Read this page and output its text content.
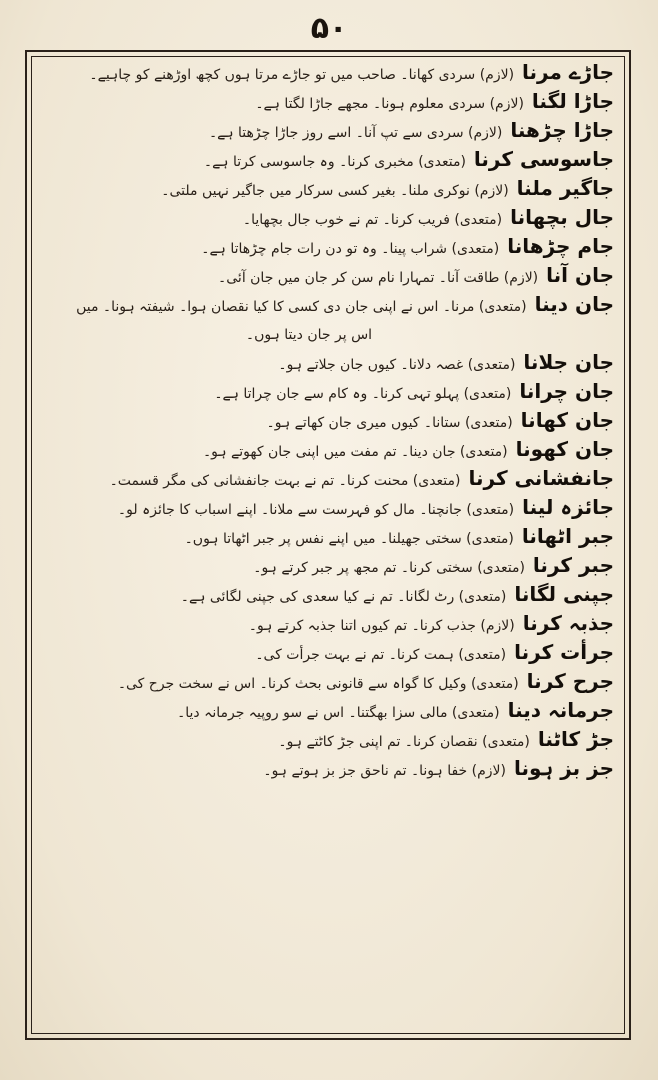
۵۰
جاڑے مرنا(لازم) سردی کھانا۔ صاحب میں تو جاڑے مرتا ہوں کچھ اوڑھنے کو چاہیے۔
جاڑا لگنا(لازم) سردی معلوم ہونا۔ مجھے جاڑا لگتا ہے۔
جاڑا چڑھنا(لازم) سردی سے تپ آنا۔ اسے روز جاڑا چڑھتا ہے۔
جاسوسی کرنا(متعدی) مخبری کرنا۔ وہ جاسوسی کرتا ہے۔
جاگیر ملنا(لازم) نوکری ملنا۔ بغیر کسی سرکار میں جاگیر نہیں ملتی۔
جال بچھانا(متعدی) فریب کرنا۔ تم نے خوب جال بچھایا۔
جام چڑھانا(متعدی) شراب پینا۔ وہ تو دن رات جام چڑھاتا ہے۔
جان آنا(لازم) طاقت آنا۔ تمہارا نام سن کر جان میں جان آئی۔
جان دینا(متعدی) مرنا۔ اس نے اپنی جان دی کسی کا کیا نقصان ہوا۔ شیفتہ ہونا۔ میں
اس پر جان دیتا ہوں۔
جان جلانا(متعدی) غصہ دلانا۔ کیوں جان جلاتے ہو۔
جان چرانا(متعدی) پہلو تہی کرنا۔ وہ کام سے جان چراتا ہے۔
جان کھانا(متعدی) ستانا۔ کیوں میری جان کھاتے ہو۔
جان کھونا(متعدی) جان دینا۔ تم مفت میں اپنی جان کھوتے ہو۔
جانفشانی کرنا(متعدی) محنت کرنا۔ تم نے بہت جانفشانی کی مگر قسمت۔
جائزہ لینا(متعدی) جانچنا۔ مال کو فہرست سے ملانا۔ اپنے اسباب کا جائزہ لو۔
جبر اٹھانا(متعدی) سختی جھیلنا۔ میں اپنے نفس پر جبر اٹھاتا ہوں۔
جبر کرنا(متعدی) سختی کرنا۔ تم مجھ پر جبر کرتے ہو۔
جپنی لگانا(متعدی) رٹ لگانا۔ تم نے کیا سعدی کی جپنی لگائی ہے۔
جذبہ کرنا(لازم) جذب کرنا۔ تم کیوں اتنا جذبہ کرتے ہو۔
جرأت کرنا(متعدی) ہمت کرنا۔ تم نے بہت جرأت کی۔
جرح کرنا(متعدی) وکیل کا گواہ سے قانونی بحث کرنا۔ اس نے سخت جرح کی۔
جرمانہ دینا(متعدی) مالی سزا بھگتنا۔ اس نے سو روپیہ جرمانہ دیا۔
جڑ کاٹنا(متعدی) نقصان کرنا۔ تم اپنی جڑ کاٹتے ہو۔
جز بز ہونا(لازم) خفا ہونا۔ تم ناحق جز بز ہوتے ہو۔
